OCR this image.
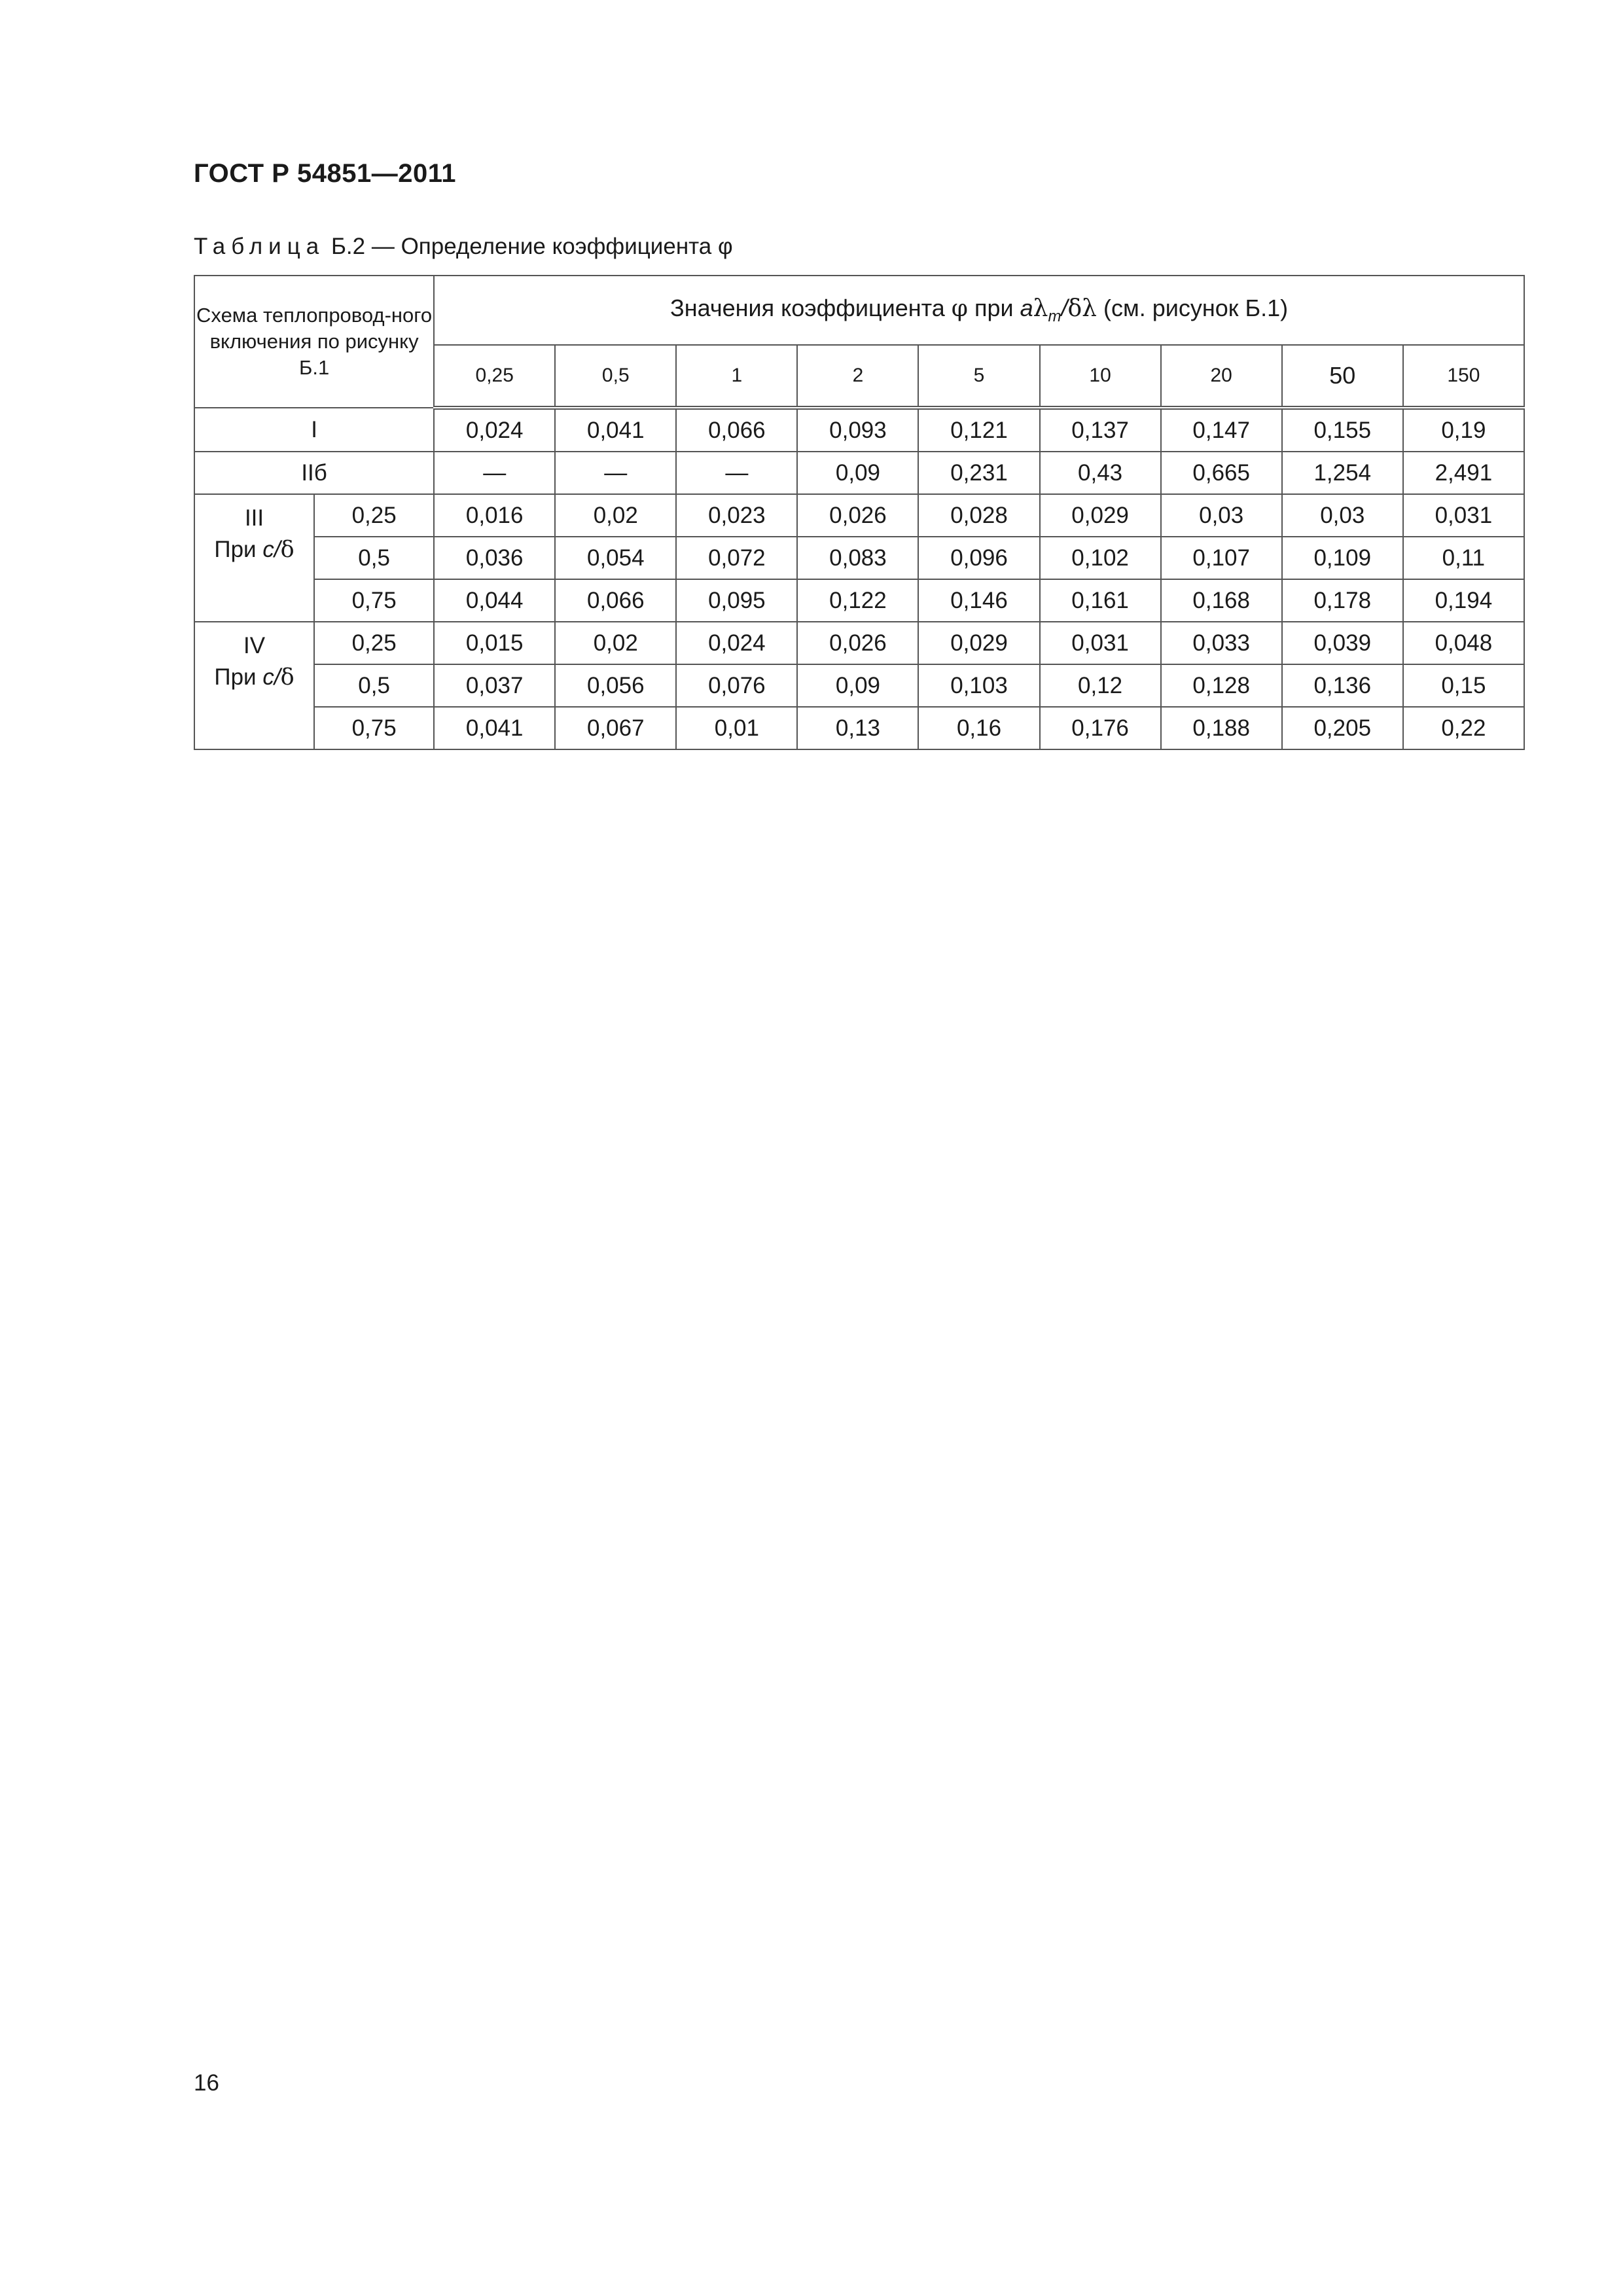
ГОСТ Р 54851—2011
Таблица Б.2 — Определение коэффициента φ
Схема теплопровод-ного включения по рисунку Б.1		Значения коэффициента φ при $a\lambda_m/\delta\lambda$ (см. рисунок Б.1)								
		0,25	0,5	1	2	5	10	20	50	150
I		0,024	0,041	0,066	0,093	0,121	0,137	0,147	0,155	0,19
IIб		—	—	—	0,09	0,231	0,43	0,665	1,254	2,491

III
При c/δ	0,25	0,016	0,02	0,023	0,026	0,028	0,029	0,03	0,03	0,031
	0,5	0,036	0,054	0,072	0,083	0,096	0,102	0,107	0,109	0,11
	0,75	0,044	0,066	0,095	0,122	0,146	0,161	0,168	0,178	0,194

IV
При c/δ	0,25	0,015	0,02	0,024	0,026	0,029	0,031	0,033	0,039	0,048
	0,5	0,037	0,056	0,076	0,09	0,103	0,12	0,128	0,136	0,15
	0,75	0,041	0,067	0,01	0,13	0,16	0,176	0,188	0,205	0,22
16
